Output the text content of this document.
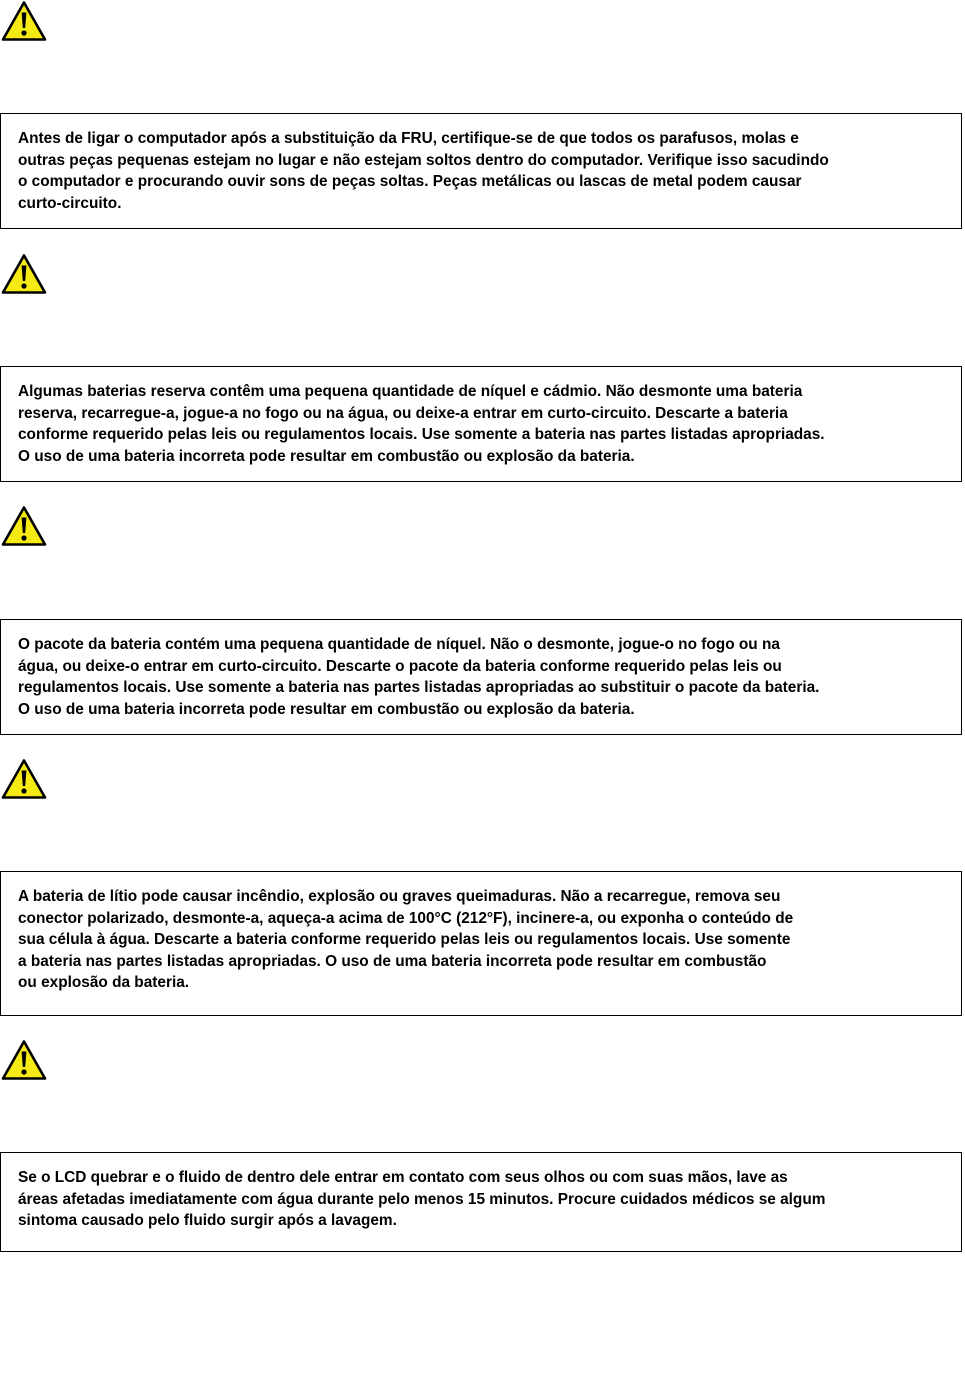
Antes de ligar o computador após a substituição da FRU, certifique-se de que todos os parafusos, molas e
outras peças pequenas estejam no lugar e não estejam soltos dentro do computador. Verifique isso sacudindo
o computador e procurando ouvir sons de peças soltas. Peças metálicas ou lascas de metal podem causar
curto-circuito.
Algumas baterias reserva contêm uma pequena quantidade de níquel e cádmio. Não desmonte uma bateria
reserva, recarregue-a, jogue-a no fogo ou na água, ou deixe-a entrar em curto-circuito. Descarte a bateria
conforme requerido pelas leis ou regulamentos locais. Use somente a bateria nas partes listadas apropriadas.
O uso de uma bateria incorreta pode resultar em combustão ou explosão da bateria.
O pacote da bateria contém uma pequena quantidade de níquel. Não o desmonte, jogue-o no fogo ou na
água, ou deixe-o entrar em curto-circuito. Descarte o pacote da bateria conforme requerido pelas leis ou
regulamentos locais. Use somente a bateria nas partes listadas apropriadas ao substituir o pacote da bateria.
O uso de uma bateria incorreta pode resultar em combustão ou explosão da bateria.
A bateria de lítio pode causar incêndio, explosão ou graves queimaduras. Não a recarregue, remova seu
conector polarizado, desmonte-a, aqueça-a acima de 100°C (212°F), incinere-a, ou exponha o conteúdo de
sua célula à água. Descarte a bateria conforme requerido pelas leis ou regulamentos locais. Use somente
a bateria nas partes listadas apropriadas. O uso de uma bateria incorreta pode resultar em combustão
ou explosão da bateria.
Se o LCD quebrar e o fluido de dentro dele entrar em contato com seus olhos ou com suas mãos, lave as
áreas afetadas imediatamente com água durante pelo menos 15 minutos. Procure cuidados médicos se algum
sintoma causado pelo fluido surgir após a lavagem.
